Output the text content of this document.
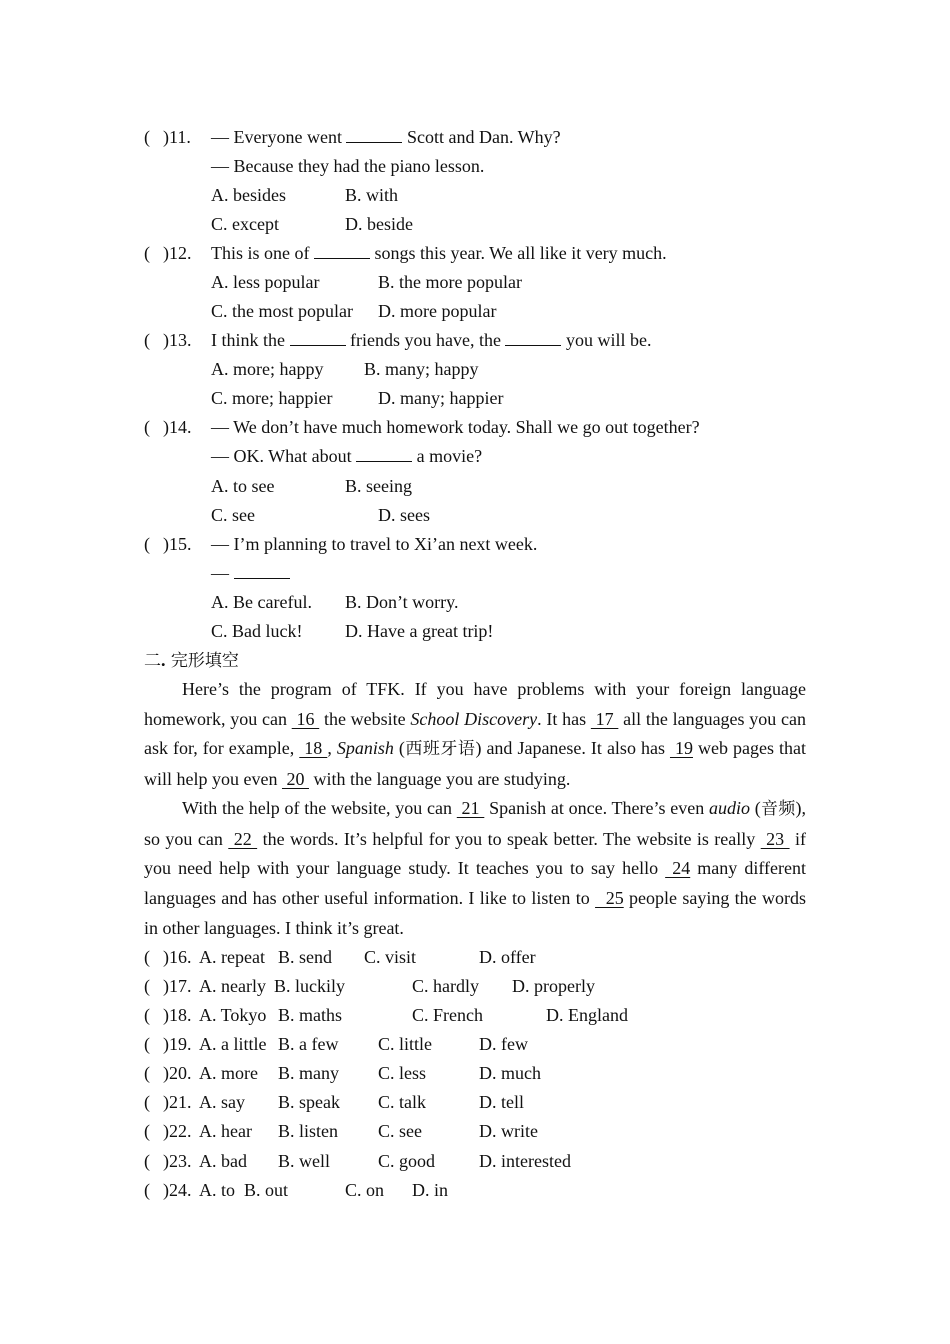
( )11. — Everyone went	Scott and Dan. Why?
— Because they had the piano lesson.
A. besides	B. with
C. except	D. beside
( )12. This is one of	songs this year. We all like it very much.
A. less popular	B. the more popular
C. the most popular D. more popular
( )13. I think the	friends you have, the	you will be.
A. more; happy B. many; happy
C. more; happier	D. many; happier
( )14. — We don’t have much homework today. Shall we go out together?
— OK. What about	a movie?
A. to see	B. seeing
C. see	D. sees
( )15. — I’m planning to travel to Xi’an next week.
—
A. Be careful. B. Don’t worry.
C. Bad luck! D. Have a great trip!
二. 完形填空
Here’s the program of TFK. If you have problems with your foreign language homework, you can  16  the website School Discovery. It has  17  all the languages you can ask for, for example,  18 , Spanish (西班牙语) and Japanese. It also has  19 web pages that will help you even  20  with the language you are studying.
With the help of the website, you can  21  Spanish at once. There’s even audio (音频), so you can  22  the words. It’s helpful for you to speak better. The website is really  23  if you need help with your language study. It teaches you to say hello  24 many different languages and has other useful information. I like to listen to   25 people saying the words in other languages. I think it’s great.
( )16. A. repeat B. send C. visit	D. offer
( )17. A. nearly B. luckily	C. hardly D. properly
( )18. A. Tokyo B. maths	C. French	D. England
( )19. A. a little B. a few C. little	D. few
( )20. A. more B. many C. less	D. much
( )21. A. say B. speak C. talk	D. tell
( )22. A. hear B. listen C. see	D. write
( )23. A. bad B. well	C. good D. interested
( )24. A. to B. out	C. on D. in
